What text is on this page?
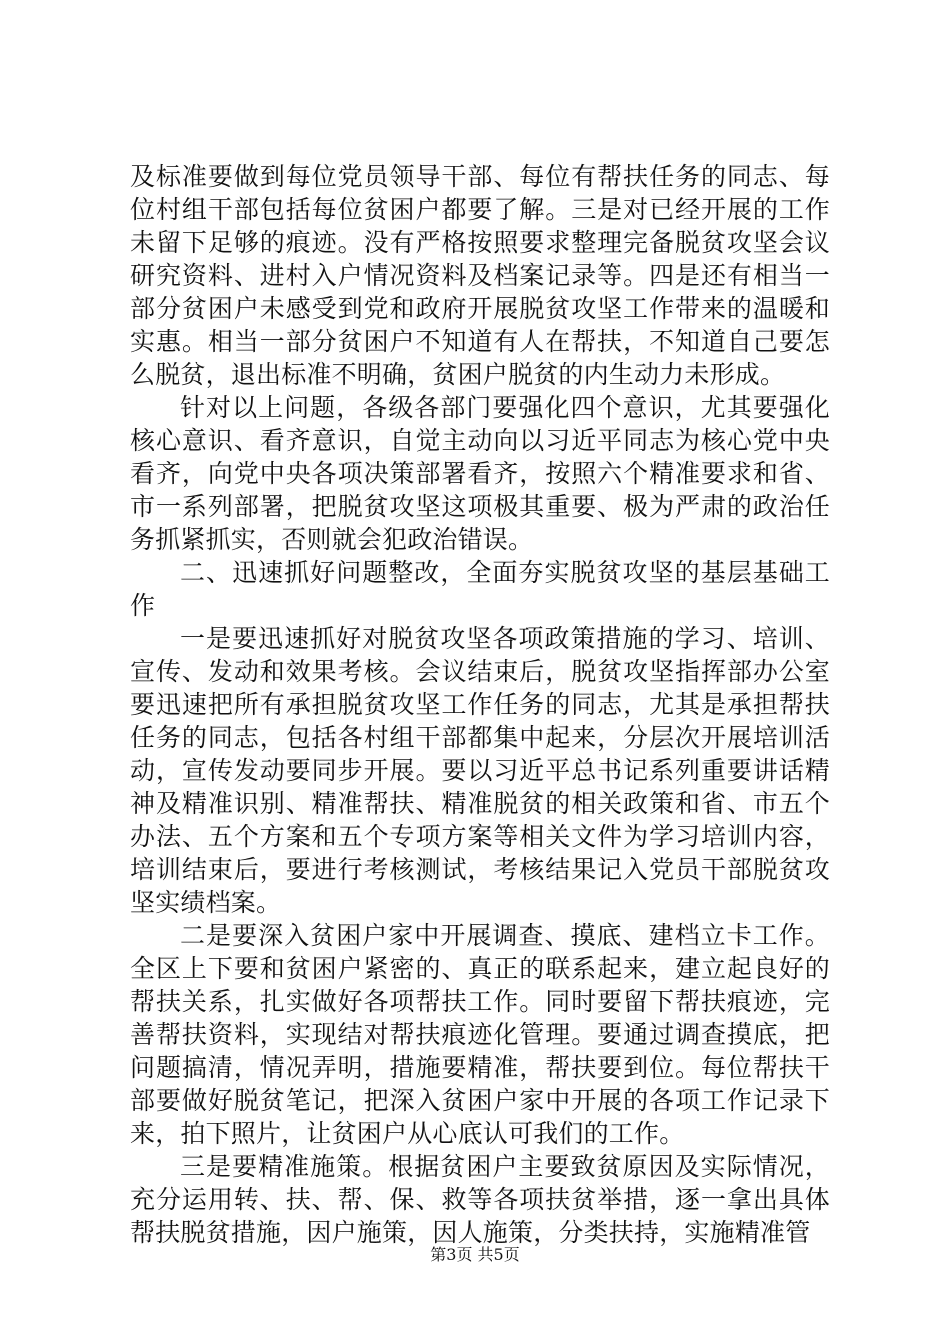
及标准要做到每位党员领导干部、每位有帮扶任务的同志、每位村组干部包括每位贫困户都要了解。三是对已经开展的工作未留下足够的痕迹。没有严格按照要求整理完备脱贫攻坚会议研究资料、进村入户情况资料及档案记录等。四是还有相当一部分贫困户未感受到党和政府开展脱贫攻坚工作带来的温暖和实惠。相当一部分贫困户不知道有人在帮扶，不知道自己要怎么脱贫，退出标准不明确，贫困户脱贫的内生动力未形成。

针对以上问题，各级各部门要强化四个意识，尤其要强化核心意识、看齐意识，自觉主动向以习近平同志为核心党中央看齐，向党中央各项决策部署看齐，按照六个精准要求和省、市一系列部署，把脱贫攻坚这项极其重要、极为严肃的政治任务抓紧抓实，否则就会犯政治错误。

二、迅速抓好问题整改，全面夯实脱贫攻坚的基层基础工作

一是要迅速抓好对脱贫攻坚各项政策措施的学习、培训、宣传、发动和效果考核。会议结束后，脱贫攻坚指挥部办公室要迅速把所有承担脱贫攻坚工作任务的同志，尤其是承担帮扶任务的同志，包括各村组干部都集中起来，分层次开展培训活动，宣传发动要同步开展。要以习近平总书记系列重要讲话精神及精准识别、精准帮扶、精准脱贫的相关政策和省、市五个办法、五个方案和五个专项方案等相关文件为学习培训内容，培训结束后，要进行考核测试，考核结果记入党员干部脱贫攻坚实绩档案。

二是要深入贫困户家中开展调查、摸底、建档立卡工作。全区上下要和贫困户紧密的、真正的联系起来，建立起良好的帮扶关系，扎实做好各项帮扶工作。同时要留下帮扶痕迹，完善帮扶资料，实现结对帮扶痕迹化管理。要通过调查摸底，把问题搞清，情况弄明，措施要精准，帮扶要到位。每位帮扶干部要做好脱贫笔记，把深入贫困户家中开展的各项工作记录下来，拍下照片，让贫困户从心底认可我们的工作。

三是要精准施策。根据贫困户主要致贫原因及实际情况，充分运用转、扶、帮、保、救等各项扶贫举措，逐一拿出具体帮扶脱贫措施，因户施策，因人施策，分类扶持，实施精准管

第3页 共5页
